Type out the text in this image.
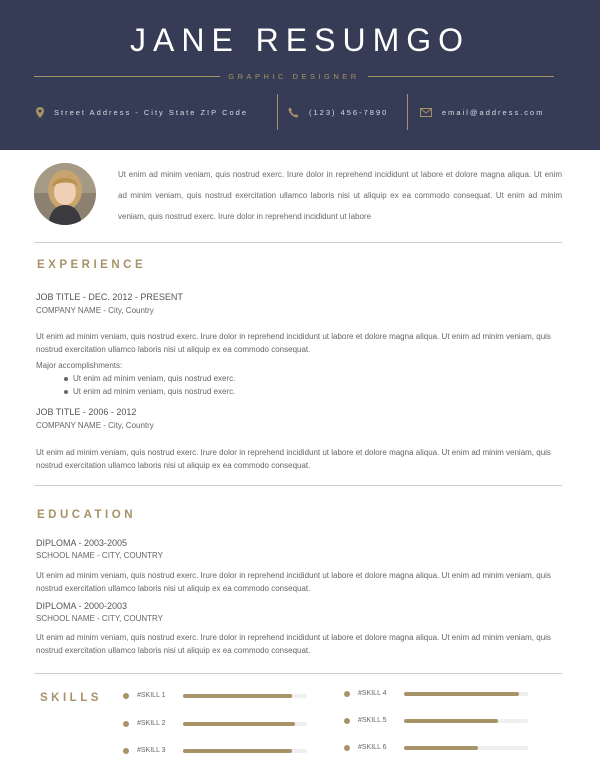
JANE RESUMGO
GRAPHIC DESIGNER
Street Address - City State ZIP Code	(123) 456-7890	email@address.com
Ut enim ad minim veniam, quis nostrud exerc. Irure dolor in reprehend incididunt ut labore et dolore magna aliqua. Ut enim ad minim veniam, quis nostrud exercitation ullamco laboris nisi ut aliquip ex ea commodo consequat. Ut enim ad minim veniam, quis nostrud exerc. Irure dolor in reprehend incididunt ut labore
EXPERIENCE
JOB TITLE - DEC. 2012 - PRESENT
COMPANY NAME - City, Country
Ut enim ad minim veniam, quis nostrud exerc. Irure dolor in reprehend incididunt ut labore et dolore magna aliqua. Ut enim ad minim veniam, quis nostrud exercitation ullamco laboris nisi ut aliquip ex ea commodo consequat.
Major accomplishments:
Ut enim ad minim veniam, quis nostrud exerc.
Ut enim ad minim veniam, quis nostrud exerc.
JOB TITLE - 2006 - 2012
COMPANY NAME - City, Country
Ut enim ad minim veniam, quis nostrud exerc. Irure dolor in reprehend incididunt ut labore et dolore magna aliqua. Ut enim ad minim veniam, quis nostrud exercitation ullamco laboris nisi ut aliquip ex ea commodo consequat.
EDUCATION
DIPLOMA - 2003-2005
SCHOOL NAME - CITY, COUNTRY
Ut enim ad minim veniam, quis nostrud exerc. Irure dolor in reprehend incididunt ut labore et dolore magna aliqua. Ut enim ad minim veniam, quis nostrud exercitation ullamco laboris nisi ut aliquip ex ea commodo consequat.
DIPLOMA - 2000-2003
SCHOOL NAME - CITY, COUNTRY
Ut enim ad minim veniam, quis nostrud exerc. Irure dolor in reprehend incididunt ut labore et dolore magna aliqua. Ut enim ad minim veniam, quis nostrud exercitation ullamco laboris nisi ut aliquip ex ea commodo consequat.
SKILLS	#SKILL 1
#SKILL 2
#SKILL 3
#SKILL 4
#SKILL 5
#SKILL 6
